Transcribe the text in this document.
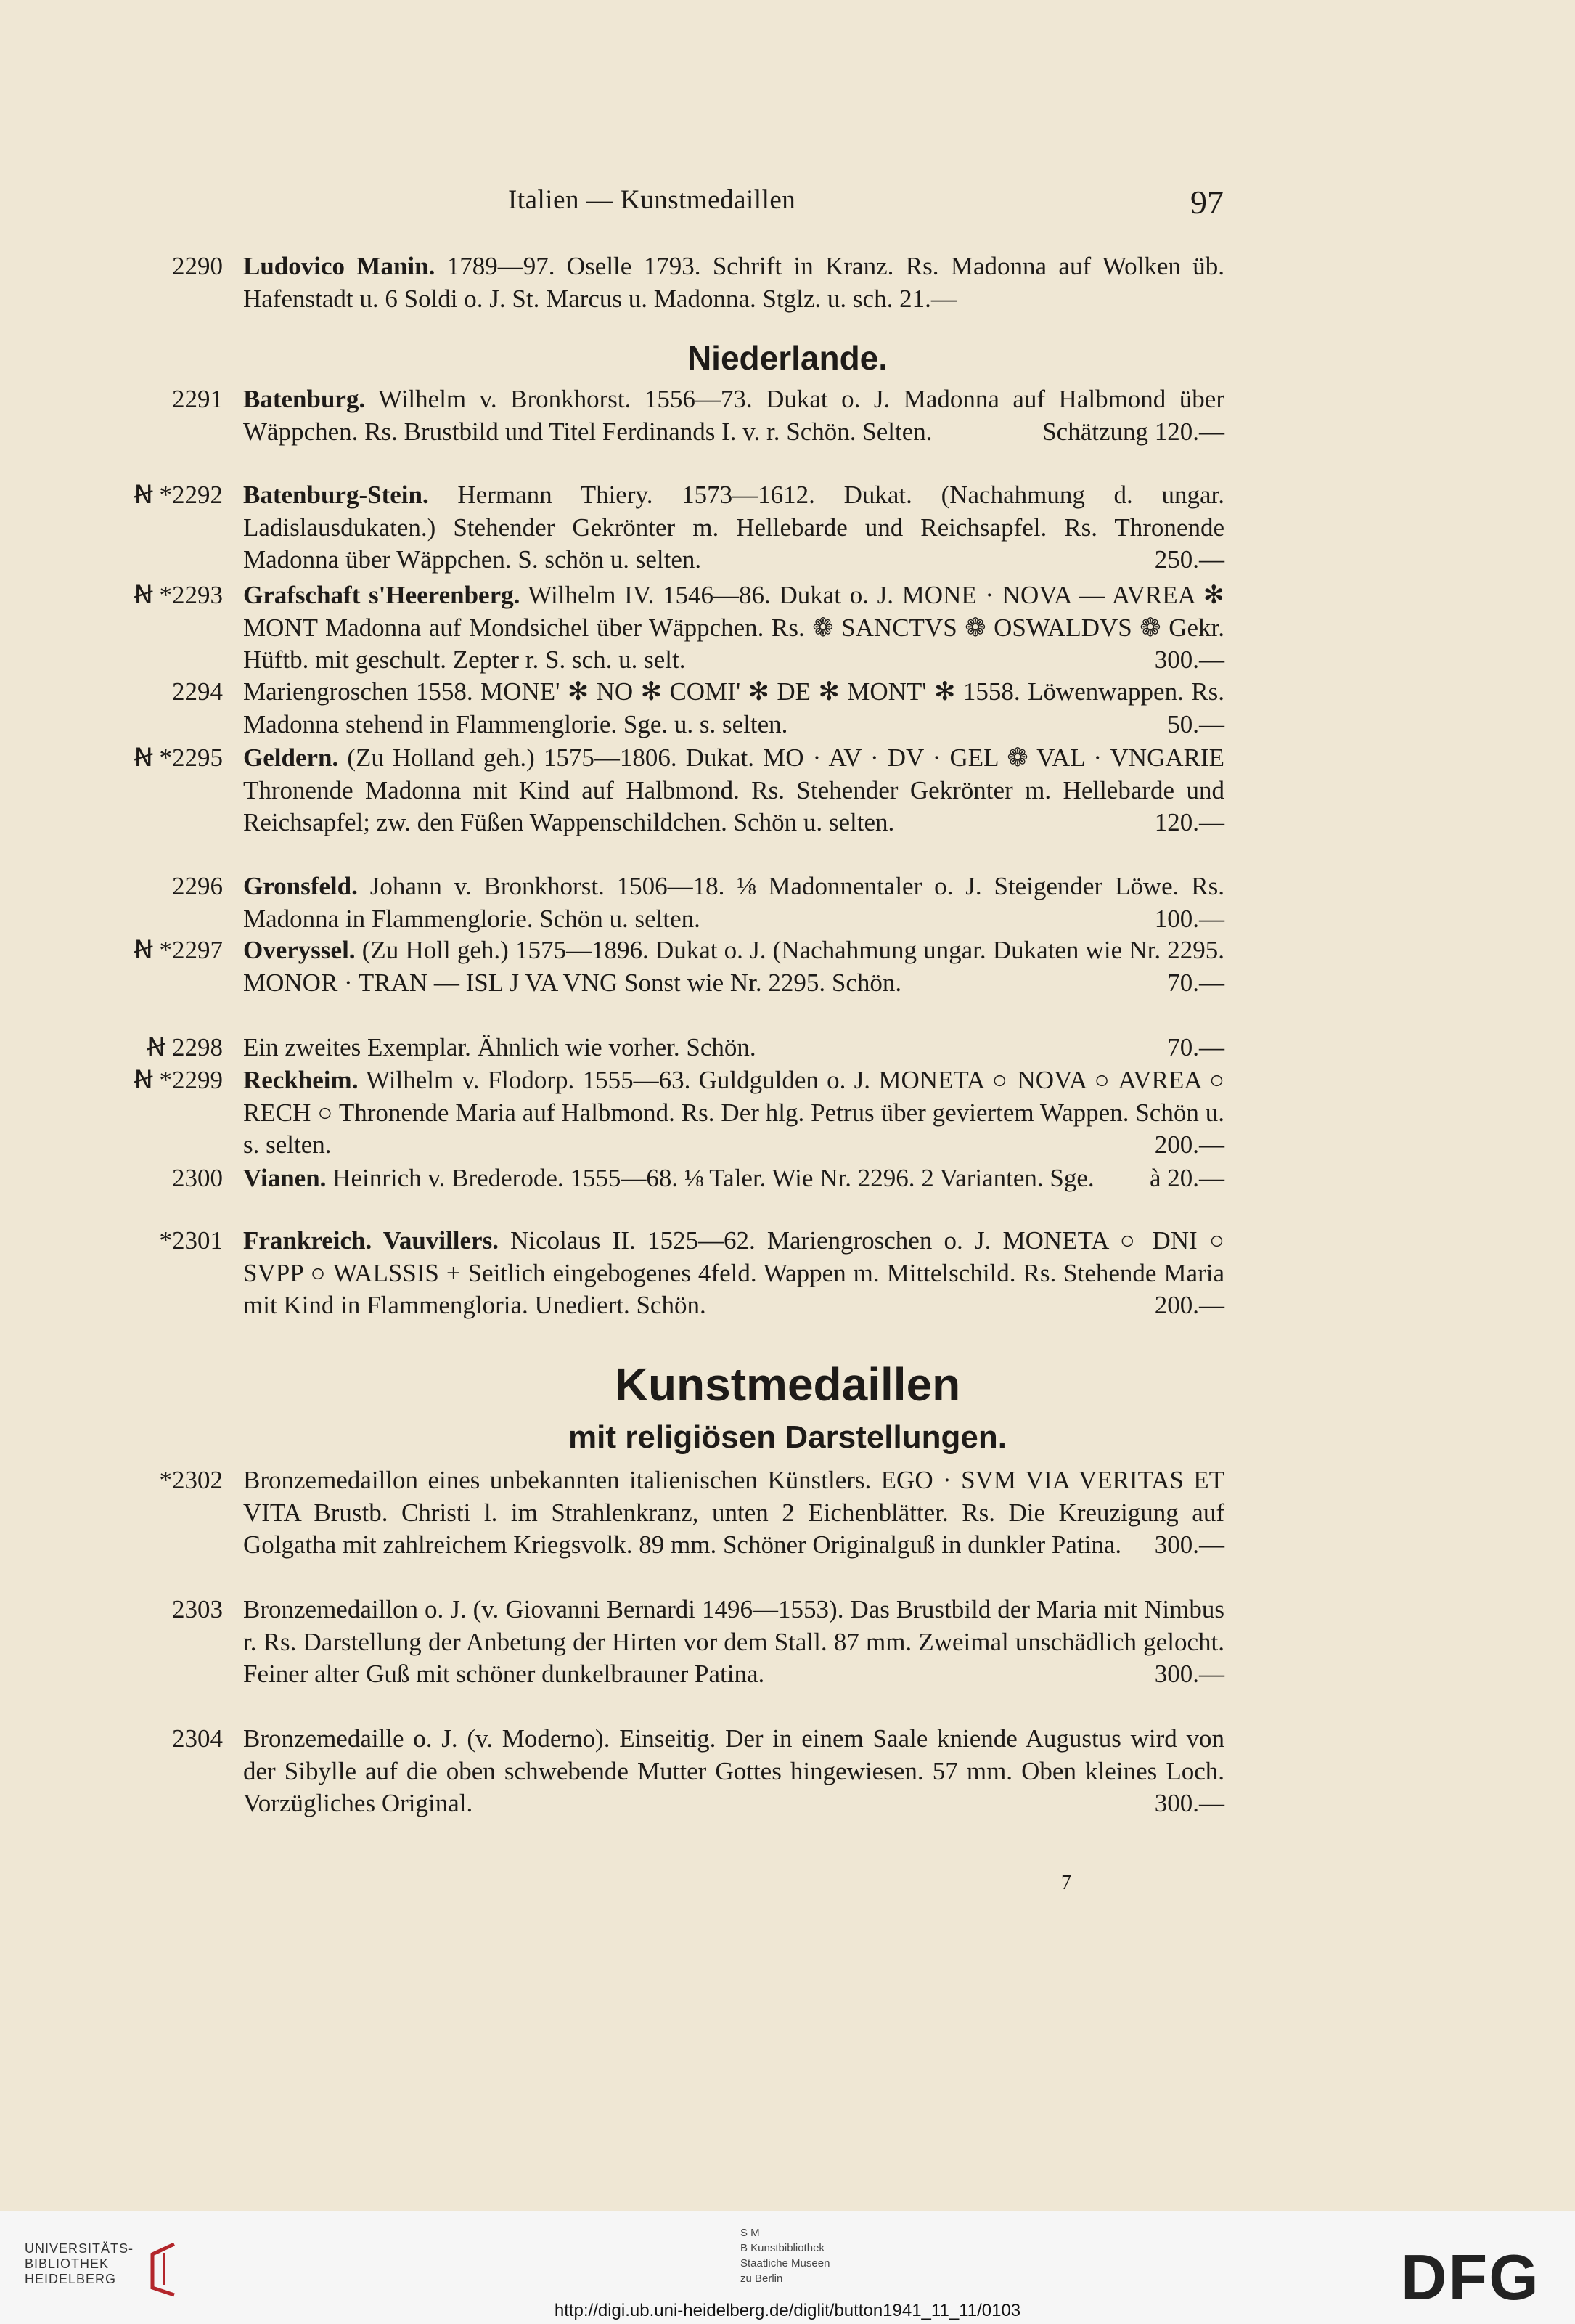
Italien — Kunstmedaillen	97
Niederlande.
Kunstmedaillen
mit religiösen Darstellungen.
2290 Ludovico Manin. 1789—97. Oselle 1793. Schrift in Kranz. Rs. Madonna auf Wolken üb. Hafenstadt u. 6 Soldi o. J. St. Marcus u. Madonna. Stglz. u. sch. 21.—
2291 Batenburg. Wilhelm v. Bronkhorst. 1556—73. Dukat o. J. Madonna auf Halbmond über Wäppchen. Rs. Brustbild und Titel Ferdinands I. v. r. Schön. Selten.	Schätzung 120.—
Ꞥ *2292 Batenburg-Stein. Hermann Thiery. 1573—1612. Dukat. (Nachahmung d. ungar. Ladislausdukaten.) Stehender Gekrönter m. Hellebarde und Reichsapfel. Rs. Thronende Madonna über Wäppchen. S. schön u. selten.	250.—
Ꞥ *2293 Grafschaft s'Heerenberg. Wilhelm IV. 1546—86. Dukat o. J. MONE · NOVA — AVREA ✻ MONT Madonna auf Mondsichel über Wäppchen. Rs. ❁ SANCTVS ❁ OSWALDVS ❁ Gekr. Hüftb. mit geschult. Zepter r. S. sch. u. selt.	300.—
2294 Mariengroschen 1558. MONE' ✻ NO ✻ COMI' ✻ DE ✻ MONT' ✻ 1558. Löwenwappen. Rs. Madonna stehend in Flammenglorie. Sge. u. s. selten.	50.—
Ꞥ *2295 Geldern. (Zu Holland geh.) 1575—1806. Dukat. MO · AV · DV · GEL ❁ VAL · VNGARIE Thronende Madonna mit Kind auf Halbmond. Rs. Stehender Gekrönter m. Hellebarde und Reichsapfel; zw. den Füßen Wappenschildchen. Schön u. selten.	120.—
2296 Gronsfeld. Johann v. Bronkhorst. 1506—18. ⅛ Madonnentaler o. J. Steigender Löwe. Rs. Madonna in Flammenglorie. Schön u. selten.	100.—
Ꞥ *2297 Overyssel. (Zu Holl geh.) 1575—1896. Dukat o. J. (Nachahmung ungar. Dukaten wie Nr. 2295. MONOR · TRAN — ISL J VA VNG Sonst wie Nr. 2295. Schön.	70.—
Ꞥ 2298 Ein zweites Exemplar. Ähnlich wie vorher. Schön.	70.—
Ꞥ *2299 Reckheim. Wilhelm v. Flodorp. 1555—63. Guldgulden o. J. MONETA ○ NOVA ○ AVREA ○ RECH ○ Thronende Maria auf Halbmond. Rs. Der hlg. Petrus über geviertem Wappen. Schön u. s. selten.	200.—
2300 Vianen. Heinrich v. Brederode. 1555—68. ⅛ Taler. Wie Nr. 2296. 2 Varianten. Sge. à 20.—
*2301 Frankreich. Vauvillers. Nicolaus II. 1525—62. Mariengroschen o. J. MONETA ○ DNI ○ SVPP ○ WALSSIS + Seitlich eingebogenes 4feld. Wappen m. Mittelschild. Rs. Stehende Maria mit Kind in Flammengloria. Unediert. Schön.	200.—
*2302 Bronzemedaillon eines unbekannten italienischen Künstlers. EGO · SVM VIA VERITAS ET VITA Brustb. Christi l. im Strahlenkranz, unten 2 Eichenblätter. Rs. Die Kreuzigung auf Golgatha mit zahlreichem Kriegsvolk. 89 mm. Schöner Originalguß in dunkler Patina. 300.—
2303 Bronzemedaillon o. J. (v. Giovanni Bernardi 1496—1553). Das Brustbild der Maria mit Nimbus r. Rs. Darstellung der Anbetung der Hirten vor dem Stall. 87 mm. Zweimal unschädlich gelocht. Feiner alter Guß mit schöner dunkelbrauner Patina.	300.—
2304 Bronzemedaille o. J. (v. Moderno). Einseitig. Der in einem Saale kniende Augustus wird von der Sibylle auf die oben schwebende Mutter Gottes hingewiesen. 57 mm. Oben kleines Loch. Vorzügliches Original.	300.—
7
UNIVERSITÄTS-
BIBLIOTHEK
HEIDELBERG
S M
B Kunstbibliothek
Staatliche Museen
zu Berlin	DFG
http://digi.ub.uni-heidelberg.de/diglit/button1941_11_11/0103
